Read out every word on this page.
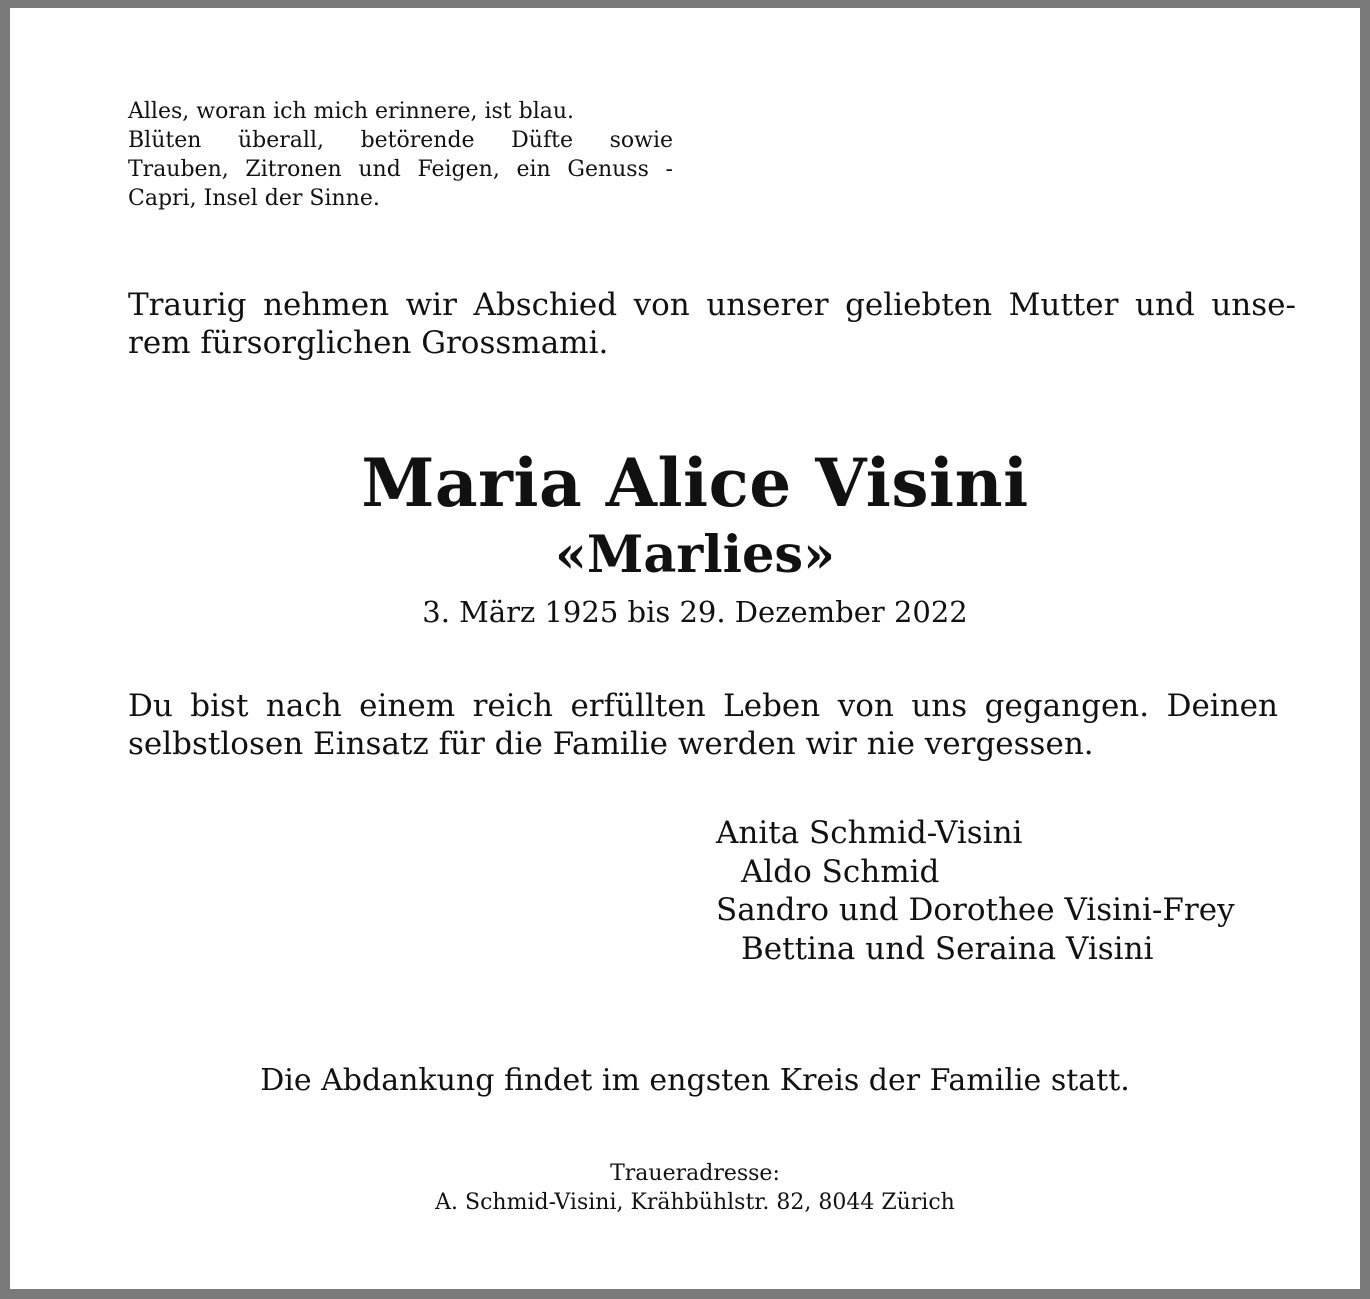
Alles, woran ich mich erinnere, ist blau.
Blüten überall, betörende Düfte sowie
Trauben, Zitronen und Feigen, ein Genuss -
Capri, Insel der Sinne.
Traurig nehmen wir Abschied von unserer geliebten Mutter und unse-
rem fürsorglichen Grossmami.
Maria Alice Visini
«Marlies»
3. März 1925 bis 29. Dezember 2022
Du bist nach einem reich erfüllten Leben von uns gegangen. Deinen
selbstlosen Einsatz für die Familie werden wir nie vergessen.
Anita Schmid-Visini
Aldo Schmid
Sandro und Dorothee Visini-Frey
Bettina und Seraina Visini
Die Abdankung findet im engsten Kreis der Familie statt.
Traueradresse:
A. Schmid-Visini, Krähbühlstr. 82, 8044 Zürich
